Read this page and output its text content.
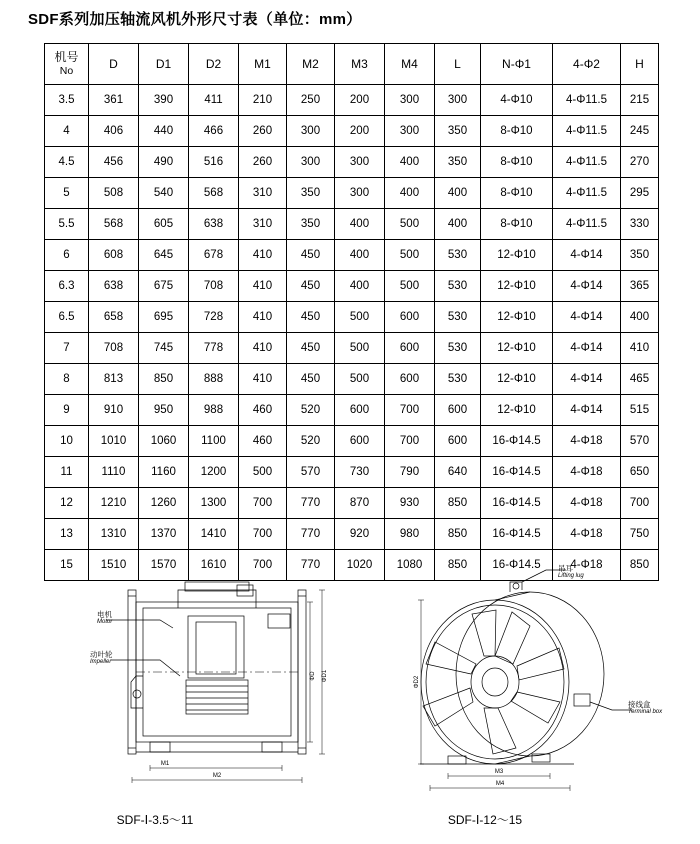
SDF系列加压轴流风机外形尺寸表（单位：mm）
机号
No	D	D1	D2	M1	M2	M3	M4	L	N-Φ1	4-Φ2	H
3.5	361	390	411	210	250	200	300	300	4-Φ10	4-Φ11.5	215
4	406	440	466	260	300	200	300	350	8-Φ10	4-Φ11.5	245
4.5	456	490	516	260	300	300	400	350	8-Φ10	4-Φ11.5	270
5	508	540	568	310	350	300	400	400	8-Φ10	4-Φ11.5	295
5.5	568	605	638	310	350	400	500	400	8-Φ10	4-Φ11.5	330
6	608	645	678	410	450	400	500	530	12-Φ10	4-Φ14	350
6.3	638	675	708	410	450	400	500	530	12-Φ10	4-Φ14	365
6.5	658	695	728	410	450	500	600	530	12-Φ10	4-Φ14	400
7	708	745	778	410	450	500	600	530	12-Φ10	4-Φ14	410
8	813	850	888	410	450	500	600	530	12-Φ10	4-Φ14	465
9	910	950	988	460	520	600	700	600	12-Φ10	4-Φ14	515
10	1010	1060	1100	460	520	600	700	600	16-Φ14.5	4-Φ18	570
11	1110	1160	1200	500	570	730	790	640	16-Φ14.5	4-Φ18	650
12	1210	1260	1300	700	770	870	930	850	16-Φ14.5	4-Φ18	700
13	1310	1370	1410	700	770	920	980	850	16-Φ14.5	4-Φ18	750
15	1510	1570	1610	700	770	1020	1080	850	16-Φ14.5	4-Φ18	850
M1
M2
ΦD ΦD1
电机
Motor
动叶轮
Impeller
ΦD2
M3
M4
吊耳
Lifting lug
接线盒
Terminal box
SDF-Ⅰ-3.5～11	SDF-Ⅰ-12～15
